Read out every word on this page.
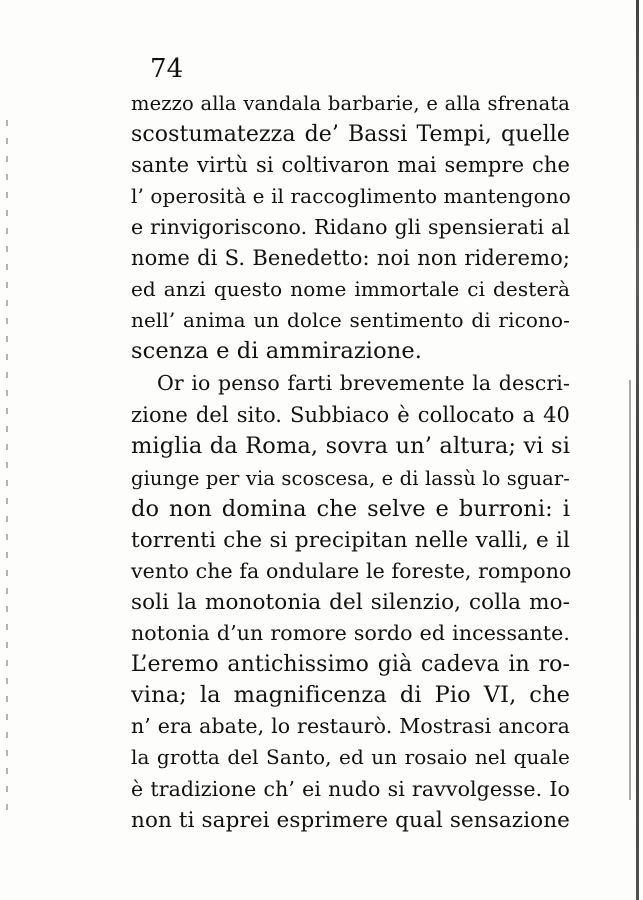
74
mezzo alla vandala barbarie, e alla sfrenata
scostumatezza de’ Bassi Tempi, quelle
sante virtù si coltivaron mai sempre che
l’ operosità e il raccoglimento mantengono
e rinvigoriscono. Ridano gli spensierati al
nome di S. Benedetto: noi non rideremo;
ed anzi questo nome immortale ci desterà
nell’ anima un dolce sentimento di ricono-
scenza e di ammirazione.
Or io penso farti brevemente la descri-
zione del sito. Subbiaco è collocato a 40
miglia da Roma, sovra un’ altura; vi si
giunge per via scoscesa, e di lassù lo sguar-
do non domina che selve e burroni: i
torrenti che si precipitan nelle valli, e il
vento che fa ondulare le foreste, rompono
soli la monotonia del silenzio, colla mo-
notonia d’un romore sordo ed incessante.
L’eremo antichissimo già cadeva in ro-
vina; la magnificenza di Pio VI, che
n’ era abate, lo restaurò. Mostrasi ancora
la grotta del Santo, ed un rosaio nel quale
è tradizione ch’ ei nudo si ravvolgesse. Io
non ti saprei esprimere qual sensazione
